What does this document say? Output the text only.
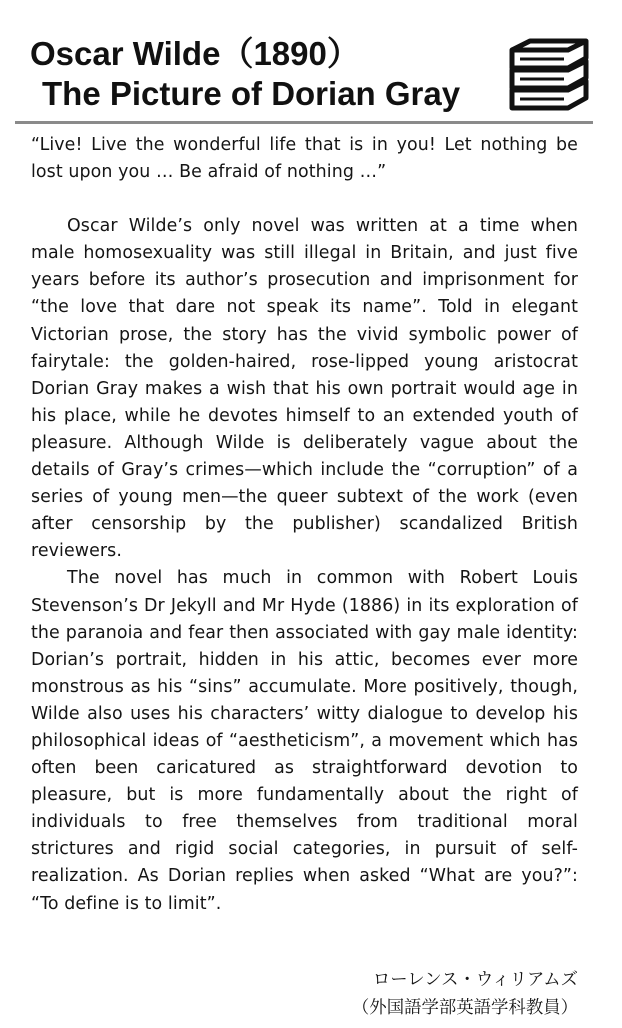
Oscar Wilde（1890）
The Picture of Dorian Gray

“Live! Live the wonderful life that is in you! Let nothing be lost upon you … Be afraid of nothing …”

Oscar Wilde’s only novel was written at a time when male homosexuality was still illegal in Britain, and just five years before its author’s prosecution and imprisonment for “the love that dare not speak its name”. Told in elegant Victorian prose, the story has the vivid symbolic power of fairytale: the golden-haired, rose-lipped young aristocrat Dorian Gray makes a wish that his own portrait would age in his place, while he devotes himself to an extended youth of pleasure. Although Wilde is deliberately vague about the details of Gray’s crimes—which include the “corruption” of a series of young men—the queer subtext of the work (even after censorship by the publisher) scandalized British reviewers.

The novel has much in common with Robert Louis Stevenson’s Dr Jekyll and Mr Hyde (1886) in its exploration of the paranoia and fear then associated with gay male identity: Dorian’s portrait, hidden in his attic, becomes ever more monstrous as his “sins” accumulate. More positively, though, Wilde also uses his characters’ witty dialogue to develop his philosophical ideas of “aestheticism”, a movement which has often been caricatured as straightforward devotion to pleasure, but is more fundamentally about the right of individuals to free themselves from traditional moral strictures and rigid social categories, in pursuit of self-realization. As Dorian replies when asked “What are you?”: “To define is to limit”.

ローレンス・ウィリアムズ
（外国語学部英語学科教員）
